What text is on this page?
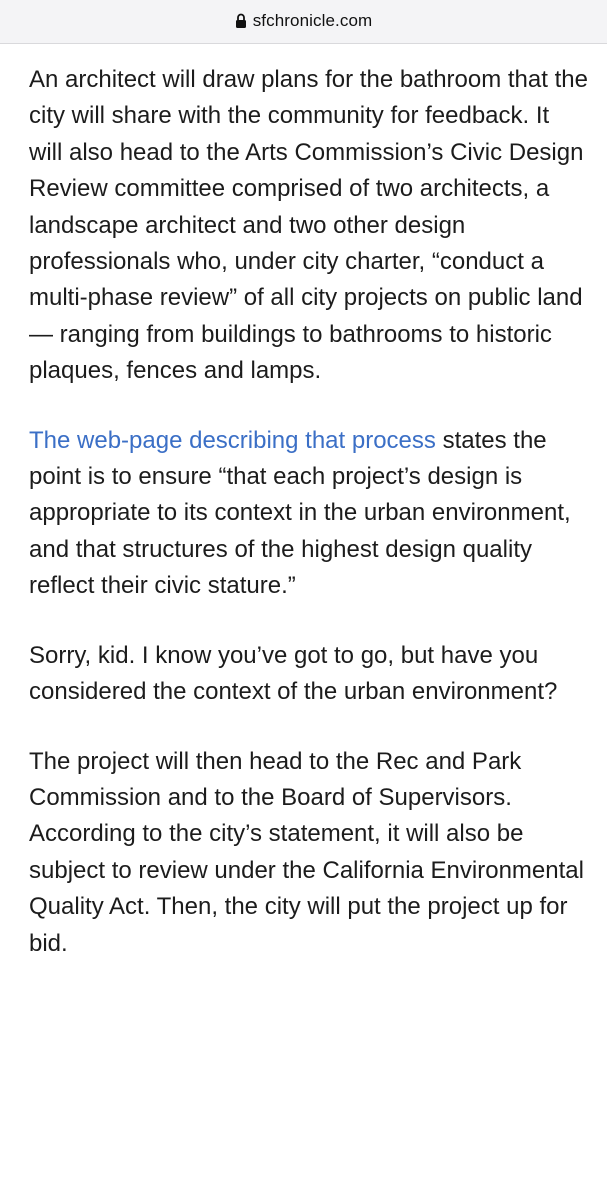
sfchronicle.com

An architect will draw plans for the bathroom that the city will share with the community for feedback. It will also head to the Arts Commission’s Civic Design Review committee comprised of two architects, a landscape architect and two other design professionals who, under city charter, “conduct a multi-phase review” of all city projects on public land — ranging from buildings to bathrooms to historic plaques, fences and lamps.

The web-page describing that process states the point is to ensure “that each project’s design is appropriate to its context in the urban environment, and that structures of the highest design quality reflect their civic stature.”

Sorry, kid. I know you’ve got to go, but have you considered the context of the urban environment?

The project will then head to the Rec and Park Commission and to the Board of Supervisors. According to the city’s statement, it will also be subject to review under the California Environmental Quality Act. Then, the city will put the project up for bid.
